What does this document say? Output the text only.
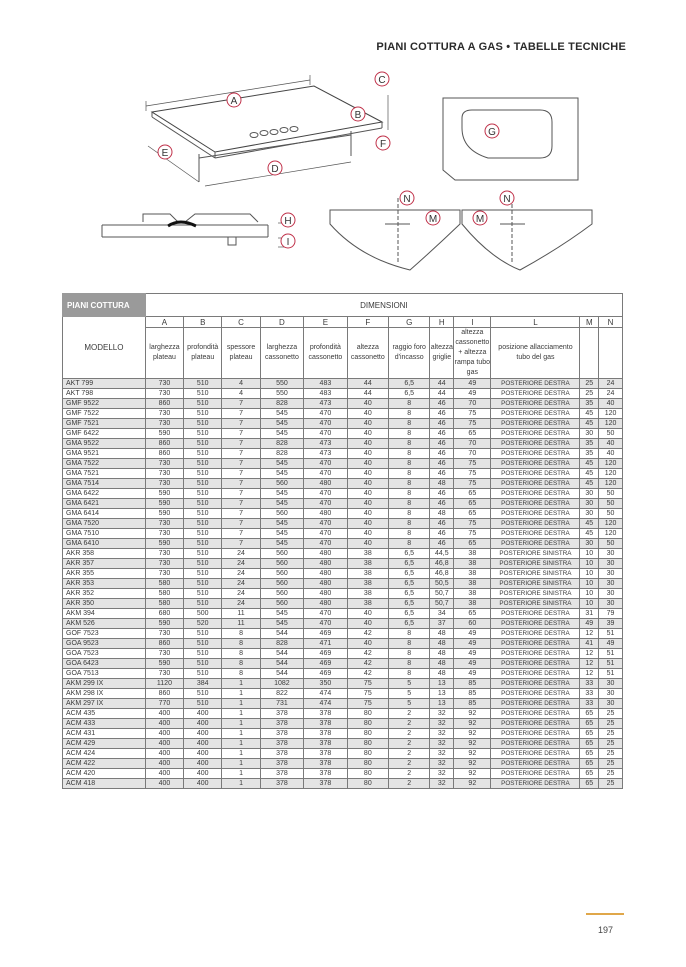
PIANI COTTURA A GAS • TABELLE TECNICHE
A
B
C
D
E
F
G
H
I
M	M
N	N
PIANI COTTURA	DIMENSIONI											
MODELLO	A	B	C	D	E	F	G	H	I	L	M	N
	larghezza plateau	profondità plateau	spessore plateau	larghezza cassonetto	profondità cassonetto	altezza cassonetto	raggio foro d'incasso	altezza griglie	altezza cassonetto + altezza rampa tubo gas	posizione allacciamento tubo del gas		
AKT 799	730	510	4	550	483	44	6,5	44	49	POSTERIORE DESTRA	25	24
AKT 798	730	510	4	550	483	44	6,5	44	49	POSTERIORE DESTRA	25	24
GMF 9522	860	510	7	828	473	40	8	46	70	POSTERIORE DESTRA	35	40
GMF 7522	730	510	7	545	470	40	8	46	75	POSTERIORE DESTRA	45	120
GMF 7521	730	510	7	545	470	40	8	46	75	POSTERIORE DESTRA	45	120
GMF 6422	590	510	7	545	470	40	8	46	65	POSTERIORE DESTRA	30	50
GMA 9522	860	510	7	828	473	40	8	46	70	POSTERIORE DESTRA	35	40
GMA 9521	860	510	7	828	473	40	8	46	70	POSTERIORE DESTRA	35	40
GMA 7522	730	510	7	545	470	40	8	46	75	POSTERIORE DESTRA	45	120
GMA 7521	730	510	7	545	470	40	8	46	75	POSTERIORE DESTRA	45	120
GMA 7514	730	510	7	560	480	40	8	48	75	POSTERIORE DESTRA	45	120
GMA 6422	590	510	7	545	470	40	8	46	65	POSTERIORE DESTRA	30	50
GMA 6421	590	510	7	545	470	40	8	46	65	POSTERIORE DESTRA	30	50
GMA 6414	590	510	7	560	480	40	8	48	65	POSTERIORE DESTRA	30	50
GMA 7520	730	510	7	545	470	40	8	46	75	POSTERIORE DESTRA	45	120
GMA 7510	730	510	7	545	470	40	8	46	75	POSTERIORE DESTRA	45	120
GMA 6410	590	510	7	545	470	40	8	46	65	POSTERIORE DESTRA	30	50
AKR 358	730	510	24	560	480	38	6,5	44,5	38	POSTERIORE SINISTRA	10	30
AKR 357	730	510	24	560	480	38	6,5	46,8	38	POSTERIORE SINISTRA	10	30
AKR 355	730	510	24	560	480	38	6,5	46,8	38	POSTERIORE SINISTRA	10	30
AKR 353	580	510	24	560	480	38	6,5	50,5	38	POSTERIORE SINISTRA	10	30
AKR 352	580	510	24	560	480	38	6,5	50,7	38	POSTERIORE SINISTRA	10	30
AKR 350	580	510	24	560	480	38	6,5	50,7	38	POSTERIORE SINISTRA	10	30
AKM 394	680	500	11	545	470	40	6,5	34	65	POSTERIORE DESTRA	31	79
AKM 526	590	520	11	545	470	40	6,5	37	60	POSTERIORE DESTRA	49	39
GOF 7523	730	510	8	544	469	42	8	48	49	POSTERIORE DESTRA	12	51
GOA 9523	860	510	8	828	471	40	8	48	49	POSTERIORE DESTRA	41	49
GOA 7523	730	510	8	544	469	42	8	48	49	POSTERIORE DESTRA	12	51
GOA 6423	590	510	8	544	469	42	8	48	49	POSTERIORE DESTRA	12	51
GOA 7513	730	510	8	544	469	42	8	48	49	POSTERIORE DESTRA	12	51
AKM 299 IX	1120	384	1	1082	350	75	5	13	85	POSTERIORE DESTRA	33	30
AKM 298 IX	860	510	1	822	474	75	5	13	85	POSTERIORE DESTRA	33	30
AKM 297 IX	770	510	1	731	474	75	5	13	85	POSTERIORE DESTRA	33	30
ACM 435	400	400	1	378	378	80	2	32	92	POSTERIORE DESTRA	65	25
ACM 433	400	400	1	378	378	80	2	32	92	POSTERIORE DESTRA	65	25
ACM 431	400	400	1	378	378	80	2	32	92	POSTERIORE DESTRA	65	25
ACM 429	400	400	1	378	378	80	2	32	92	POSTERIORE DESTRA	65	25
ACM 424	400	400	1	378	378	80	2	32	92	POSTERIORE DESTRA	65	25
ACM 422	400	400	1	378	378	80	2	32	92	POSTERIORE DESTRA	65	25
ACM 420	400	400	1	378	378	80	2	32	92	POSTERIORE DESTRA	65	25
ACM 418	400	400	1	378	378	80	2	32	92	POSTERIORE DESTRA	65	25
197
